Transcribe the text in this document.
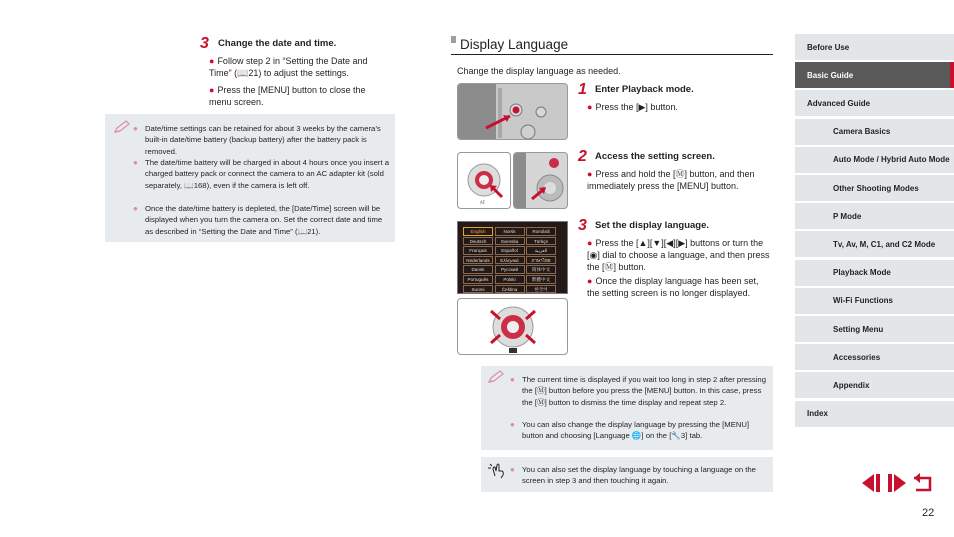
3 Change the date and time.
● Follow step 2 in “Setting the Date and Time” (📖21) to adjust the settings.
● Press the [MENU] button to close the menu screen.
● Date/time settings can be retained for about 3 weeks by the camera’s built-in date/time battery (backup battery) after the battery pack is removed.
● The date/time battery will be charged in about 4 hours once you insert a charged battery pack or connect the camera to an AC adapter kit (sold separately, 📖168), even if the camera is left off.
● Once the date/time battery is depleted, the [Date/Time] screen will be displayed when you turn the camera on. Set the correct date and time as described in “Setting the Date and Time” (📖21).
Display Language
Change the display language as needed.
1 Enter Playback mode.
● Press the [▶] button.
2 Access the setting screen.
● Press and hold the [Ⓜ] button, and then immediately press the [MENU] button.
3 Set the display language.
● Press the [▲][▼][◀][▶] buttons or turn the [◉] dial to choose a language, and then press the [Ⓜ] button.
● Once the display language has been set, the setting screen is no longer displayed.
AF
English	Norsk	Română
Deutsch	Svenska	Türkçe
Français	Español	العربية
Nederlands	Ελληνικά	ภาษาไทย
Dansk	Русский	简体中文
Português	Polski	繁體中文
Suomi	Čeština	한국어
● The current time is displayed if you wait too long in step 2 after pressing the [Ⓜ] button before you press the [MENU] button. In this case, press the [Ⓜ] button to dismiss the time display and repeat step 2.
● You can also change the display language by pressing the [MENU] button and choosing [Language 🌐] on the [🔧3] tab.
● You can also set the display language by touching a language on the screen in step 3 and then touching it again.
Before Use
Basic Guide
Advanced Guide
Camera Basics
Auto Mode / Hybrid Auto Mode
Other Shooting Modes
P Mode
Tv, Av, M, C1, and C2 Mode
Playback Mode
Wi-Fi Functions
Setting Menu
Accessories
Appendix
Index
22
